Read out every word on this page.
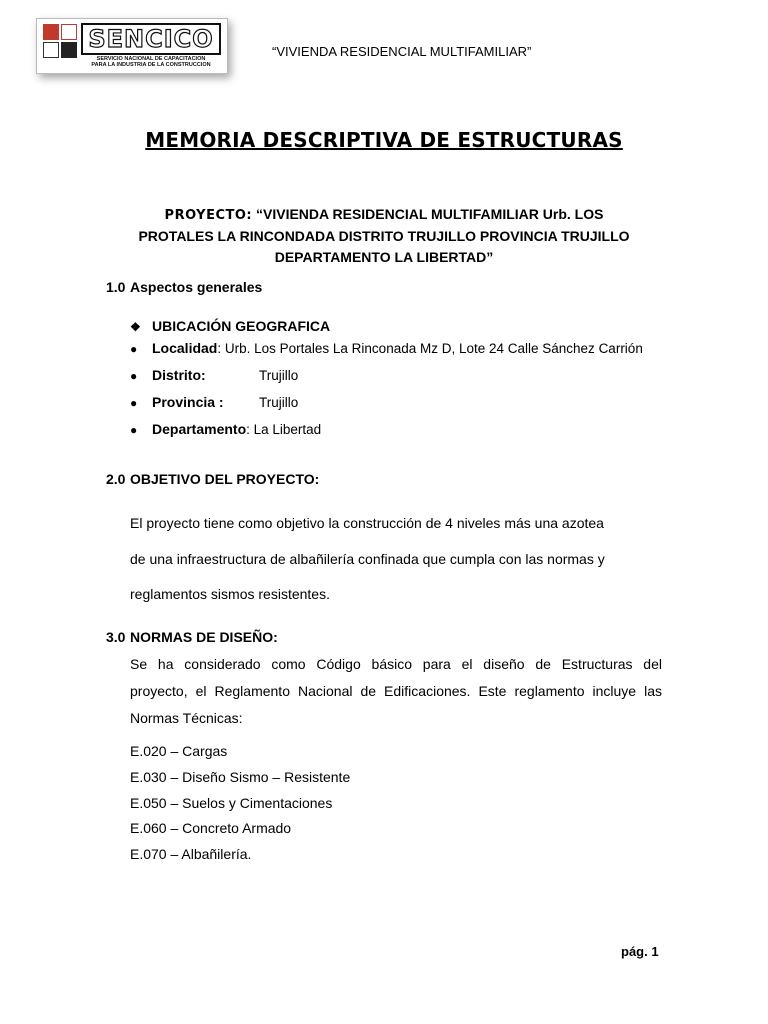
SENCICO
SERVICIO NACIONAL DE CAPACITACION
PARA LA INDUSTRIA DE LA CONSTRUCCION
“VIVIENDA RESIDENCIAL MULTIFAMILIAR”
MEMORIA DESCRIPTIVA DE ESTRUCTURAS
PROYECTO: “VIVIENDA RESIDENCIAL MULTIFAMILIAR Urb. LOS
PROTALES LA RINCONDADA DISTRITO TRUJILLO PROVINCIA TRUJILLO
DEPARTAMENTO LA LIBERTAD”
1.0 Aspectos generales
❖ UBICACIÓN GEOGRAFICA
●	Localidad : Urb. Los Portales La Rinconada Mz D, Lote 24 Calle Sánchez Carrión
●	Distrito:	Trujillo
●	Provincia :	Trujillo
●	Departamento : La Libertad
2.0 OBJETIVO DEL PROYECTO:
El proyecto tiene como objetivo la construcción de 4 niveles más una azotea
de una infraestructura de albañilería confinada que cumpla con las normas y
reglamentos sismos resistentes.
3.0 NORMAS DE DISEÑO:
Se ha considerado como Código básico para el diseño de Estructuras del
proyecto, el Reglamento Nacional de Edificaciones. Este reglamento incluye las
Normas Técnicas:
E.020 – Cargas
E.030 – Diseño Sismo – Resistente
E.050 – Suelos y Cimentaciones
E.060 – Concreto Armado
E.070 – Albañilería.
pág. 1
